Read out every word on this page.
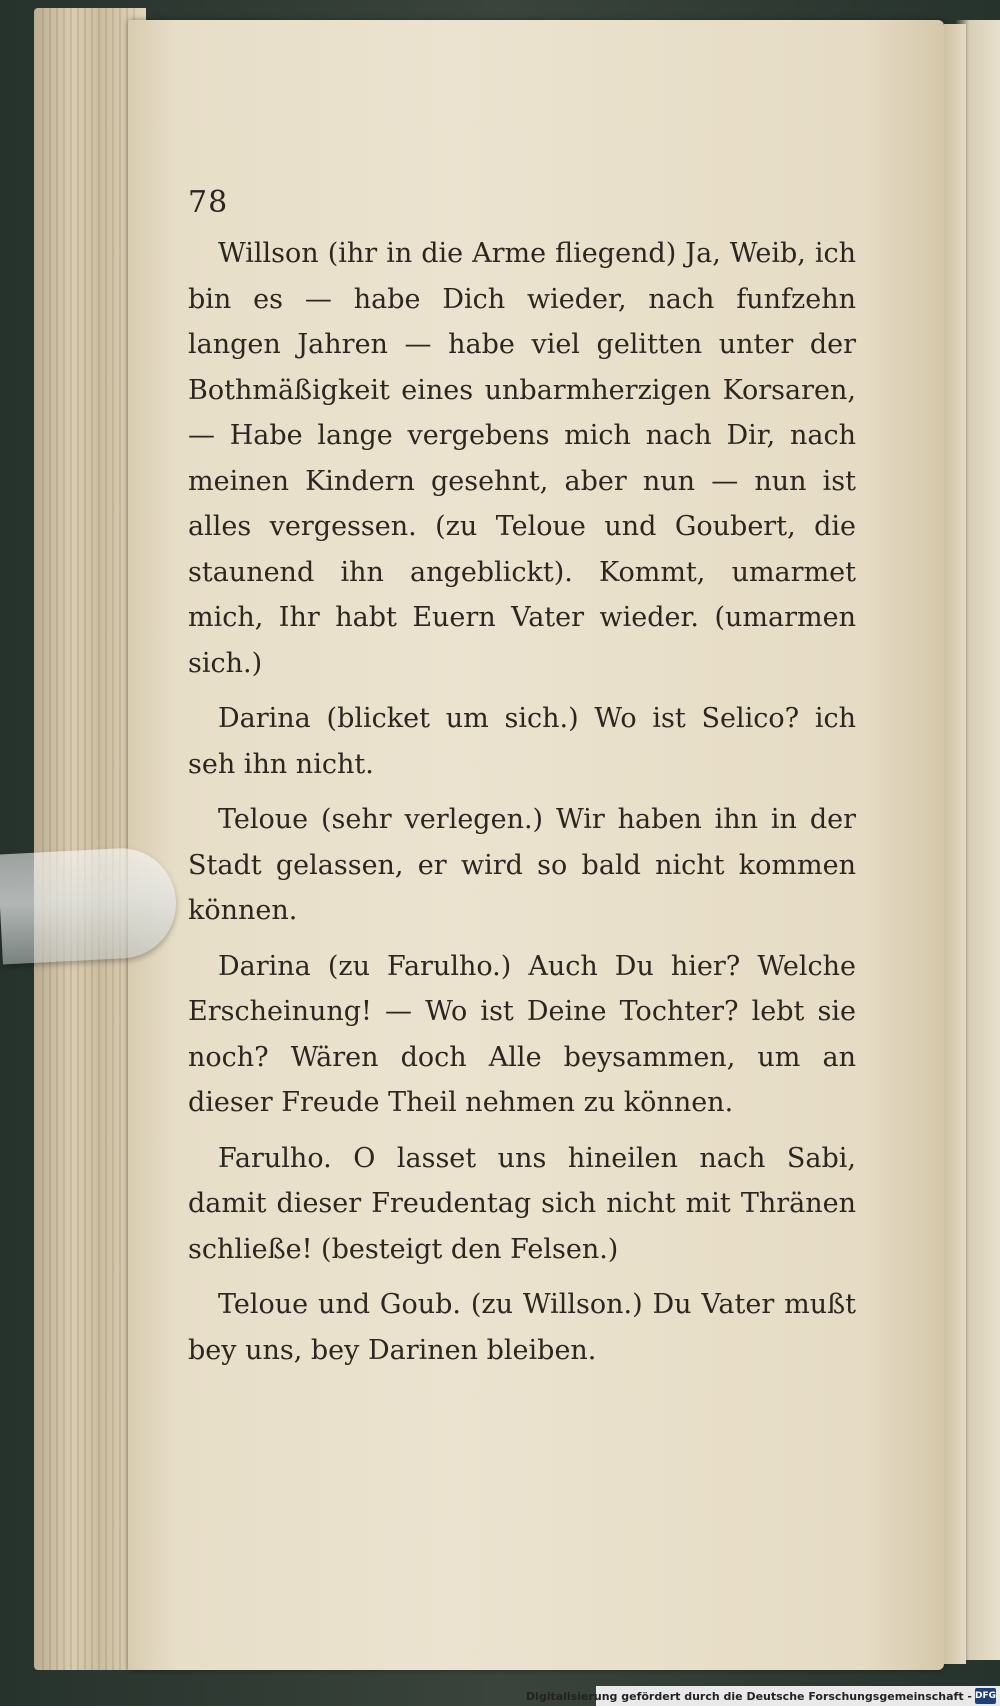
78

Willson (ihr in die Arme fliegend) Ja, Weib, ich bin es — habe Dich wieder, nach funfzehn langen Jahren — habe viel gelitten unter der Bothmäßigkeit eines unbarmherzigen Korsaren, — Habe lange vergebens mich nach Dir, nach meinen Kindern gesehnt, aber nun — nun ist alles vergessen. (zu Teloue und Goubert, die staunend ihn angeblickt). Kommt, umarmet mich, Ihr habt Euern Vater wieder. (umarmen sich.)

Darina (blicket um sich.) Wo ist Selico? ich seh ihn nicht.

Teloue (sehr verlegen.) Wir haben ihn in der Stadt gelassen, er wird so bald nicht kommen können.

Darina (zu Farulho.) Auch Du hier? Welche Erscheinung! — Wo ist Deine Tochter? lebt sie noch? Wären doch Alle beysammen, um an dieser Freude Theil nehmen zu können.

Farulho. O lasset uns hineilen nach Sabi, damit dieser Freudentag sich nicht mit Thränen schließe! (besteigt den Felsen.)

Teloue und Goub. (zu Willson.) Du Vater mußt bey uns, bey Darinen bleiben.

Digitalisierung gefördert durch die Deutsche Forschungsgemeinschaft - DFG
